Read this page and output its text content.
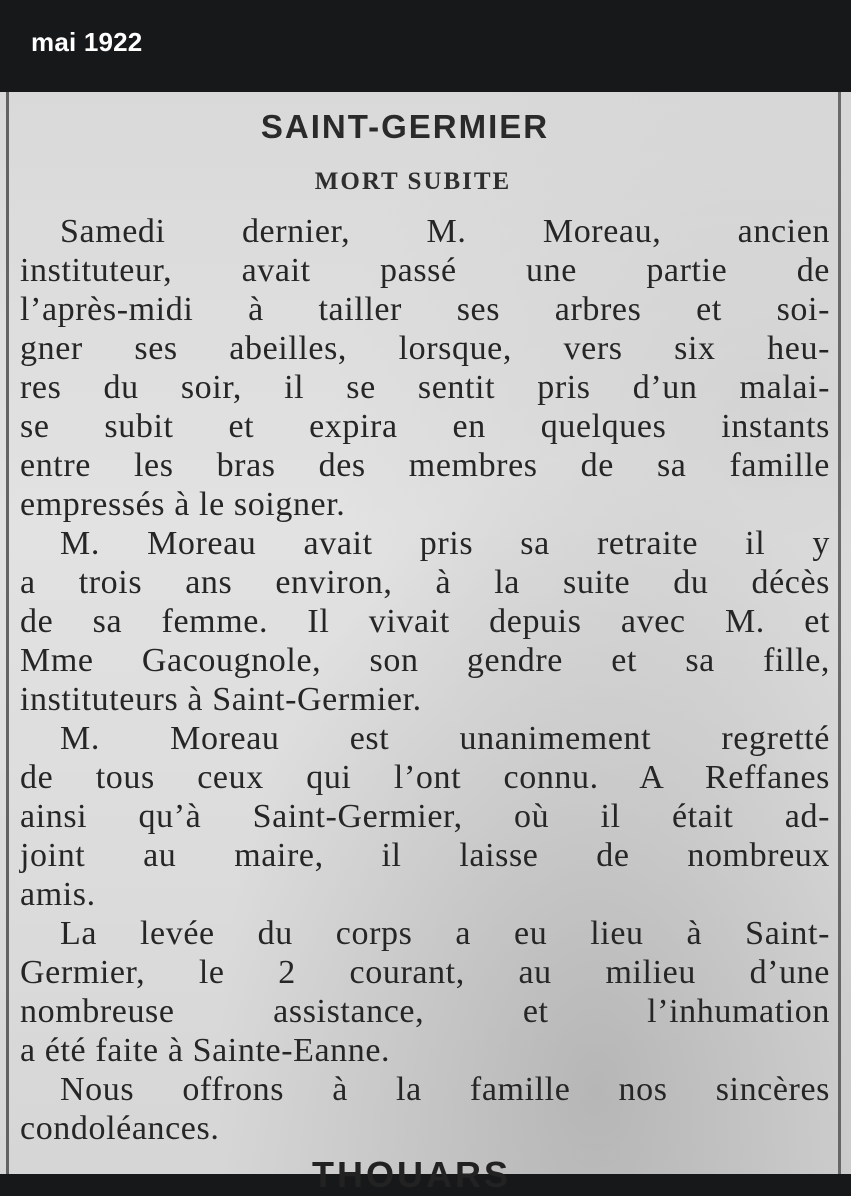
mai 1922
SAINT-GERMIER
MORT SUBITE
Samedi dernier, M. Moreau, ancien
instituteur, avait passé une partie de
l’après-midi à tailler ses arbres et soi-
gner ses abeilles, lorsque, vers six heu-
res du soir, il se sentit pris d’un malai-
se subit et expira en quelques instants
entre les bras des membres de sa famille
empressés à le soigner.
M. Moreau avait pris sa retraite il y
a trois ans environ, à la suite du décès
de sa femme. Il vivait depuis avec M. et
Mme Gacougnole, son gendre et sa fille,
instituteurs à Saint-Germier.
M. Moreau est unanimement regretté
de tous ceux qui l’ont connu. A Reffanes
ainsi qu’à Saint-Germier, où il était ad-
joint au maire, il laisse de nombreux
amis.
La levée du corps a eu lieu à Saint-
Germier, le 2 courant, au milieu d’une
nombreuse assistance, et l’inhumation
a été faite à Sainte-Eanne.
Nous offrons à la famille nos sincères
condoléances.
THOUARS
